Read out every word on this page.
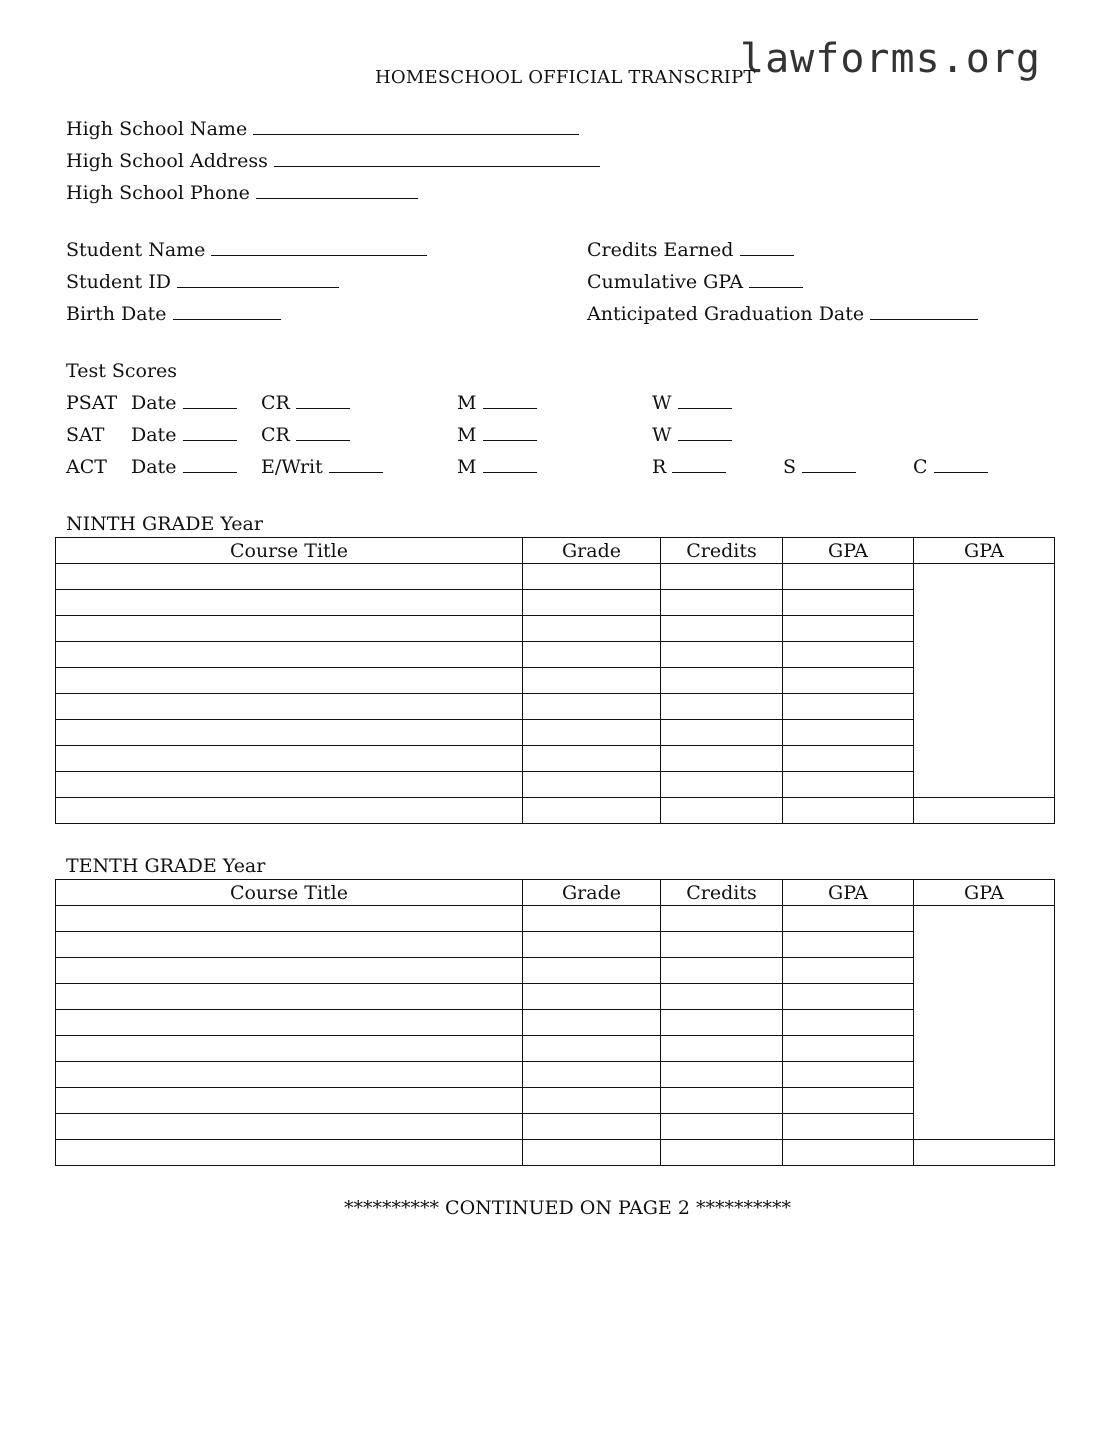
lawforms.org
HOMESCHOOL OFFICIAL TRANSCRIPT
High School Name
High School Address
High School Phone
Student Name
Student ID
Birth Date
Credits Earned
Cumulative GPA
Anticipated Graduation Date
Test Scores
PSAT Date	CR	M	W
SAT Date	CR	M	W
ACT Date	E/Writ	M	R	S	C
NINTH GRADE Year
Course Title	Grade	Credits	GPA	GPA

TENTH GRADE Year
Course Title	Grade	Credits	GPA	GPA

********** CONTINUED ON PAGE 2 **********
